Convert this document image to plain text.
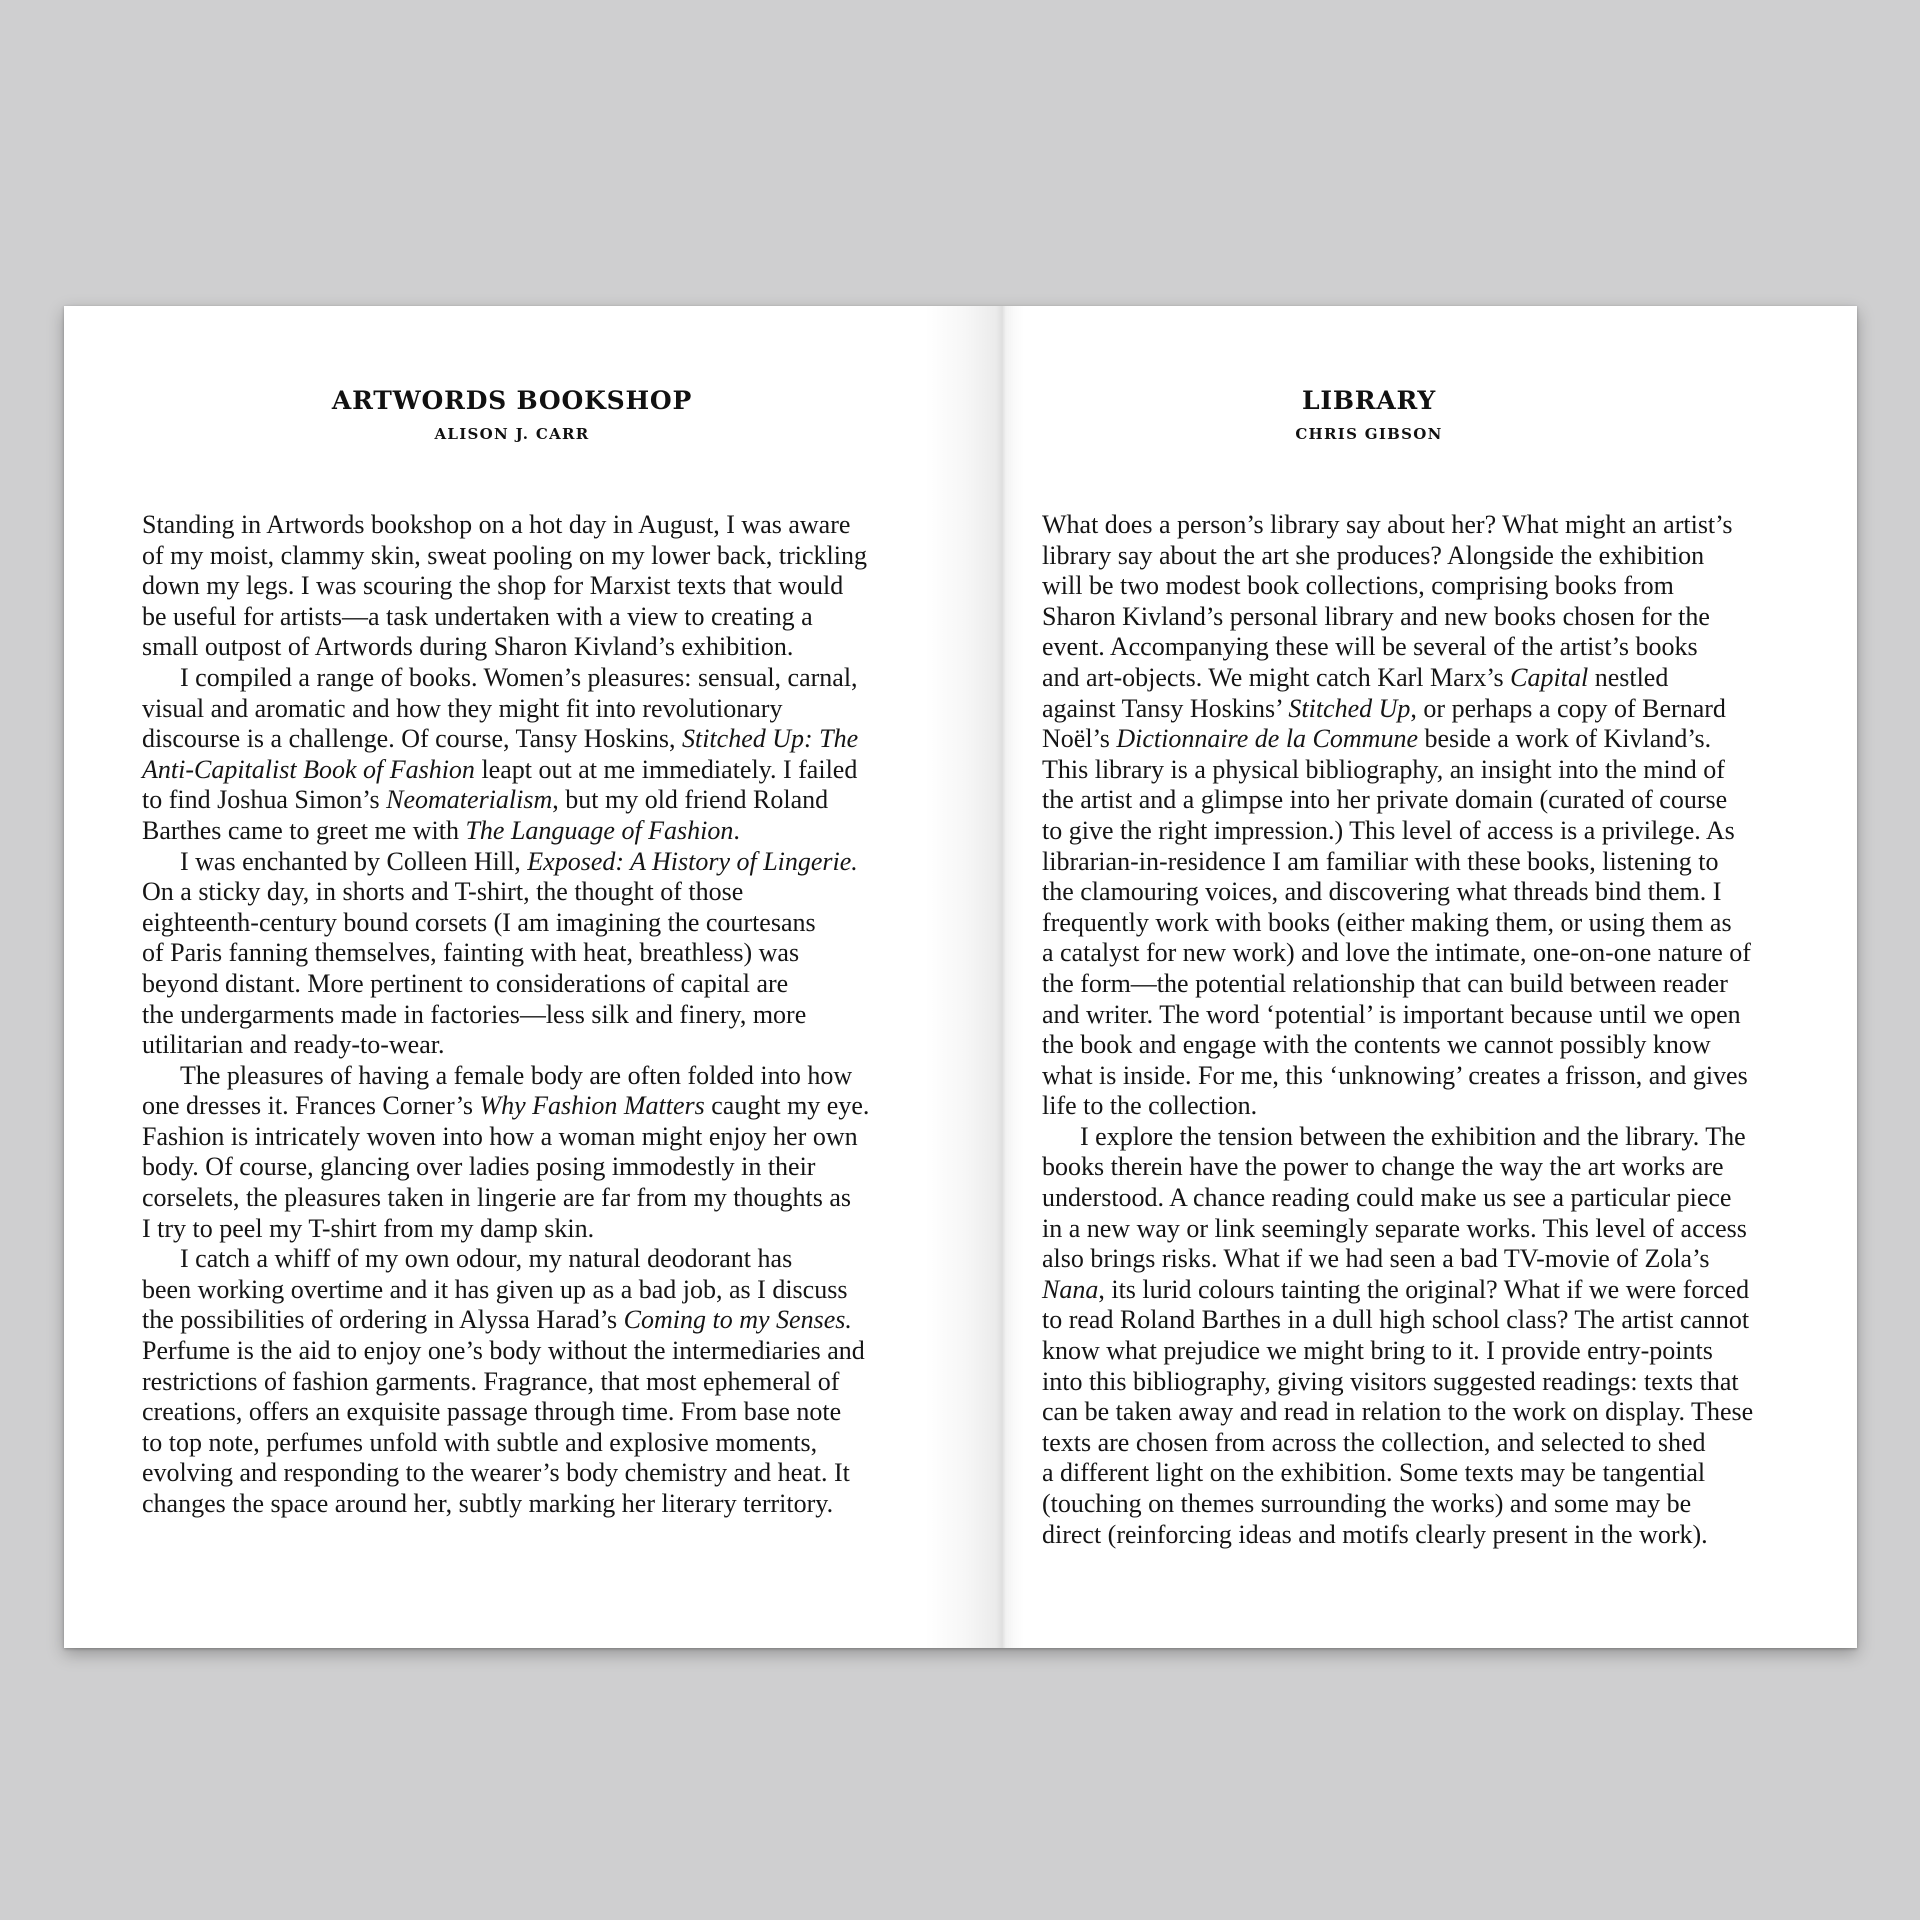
ARTWORDS BOOKSHOP
ALISON J. CARR
Standing in Artwords bookshop on a hot day in August, I was aware
of my moist, clammy skin, sweat pooling on my lower back, trickling
down my legs. I was scouring the shop for Marxist texts that would
be useful for artists—a task undertaken with a view to creating a
small outpost of Artwords during Sharon Kivland’s exhibition.
I compiled a range of books. Women’s pleasures: sensual, carnal,
visual and aromatic and how they might fit into revolutionary
discourse is a challenge. Of course, Tansy Hoskins, Stitched Up: The
Anti-Capitalist Book of Fashion leapt out at me immediately. I failed
to find Joshua Simon’s Neomaterialism, but my old friend Roland
Barthes came to greet me with The Language of Fashion.
I was enchanted by Colleen Hill, Exposed: A History of Lingerie.
On a sticky day, in shorts and T-shirt, the thought of those
eighteenth-century bound corsets (I am imagining the courtesans
of Paris fanning themselves, fainting with heat, breathless) was
beyond distant. More pertinent to considerations of capital are
the undergarments made in factories—less silk and finery, more
utilitarian and ready-to-wear.
The pleasures of having a female body are often folded into how
one dresses it. Frances Corner’s Why Fashion Matters caught my eye.
Fashion is intricately woven into how a woman might enjoy her own
body. Of course, glancing over ladies posing immodestly in their
corselets, the pleasures taken in lingerie are far from my thoughts as
I try to peel my T-shirt from my damp skin.
I catch a whiff of my own odour, my natural deodorant has
been working overtime and it has given up as a bad job, as I discuss
the possibilities of ordering in Alyssa Harad’s Coming to my Senses.
Perfume is the aid to enjoy one’s body without the intermediaries and
restrictions of fashion garments. Fragrance, that most ephemeral of
creations, offers an exquisite passage through time. From base note
to top note, perfumes unfold with subtle and explosive moments,
evolving and responding to the wearer’s body chemistry and heat. It
changes the space around her, subtly marking her literary territory.
LIBRARY
CHRIS GIBSON
What does a person’s library say about her? What might an artist’s
library say about the art she produces? Alongside the exhibition
will be two modest book collections, comprising books from
Sharon Kivland’s personal library and new books chosen for the
event. Accompanying these will be several of the artist’s books
and art-objects. We might catch Karl Marx’s Capital nestled
against Tansy Hoskins’ Stitched Up, or perhaps a copy of Bernard
Noël’s Dictionnaire de la Commune beside a work of Kivland’s.
This library is a physical bibliography, an insight into the mind of
the artist and a glimpse into her private domain (curated of course
to give the right impression.) This level of access is a privilege. As
librarian-in-residence I am familiar with these books, listening to
the clamouring voices, and discovering what threads bind them. I
frequently work with books (either making them, or using them as
a catalyst for new work) and love the intimate, one-on-one nature of
the form—the potential relationship that can build between reader
and writer. The word ‘potential’ is important because until we open
the book and engage with the contents we cannot possibly know
what is inside. For me, this ‘unknowing’ creates a frisson, and gives
life to the collection.
I explore the tension between the exhibition and the library. The
books therein have the power to change the way the art works are
understood. A chance reading could make us see a particular piece
in a new way or link seemingly separate works. This level of access
also brings risks. What if we had seen a bad TV-movie of Zola’s
Nana, its lurid colours tainting the original? What if we were forced
to read Roland Barthes in a dull high school class? The artist cannot
know what prejudice we might bring to it. I provide entry-points
into this bibliography, giving visitors suggested readings: texts that
can be taken away and read in relation to the work on display. These
texts are chosen from across the collection, and selected to shed
a different light on the exhibition. Some texts may be tangential
(touching on themes surrounding the works) and some may be
direct (reinforcing ideas and motifs clearly present in the work).
